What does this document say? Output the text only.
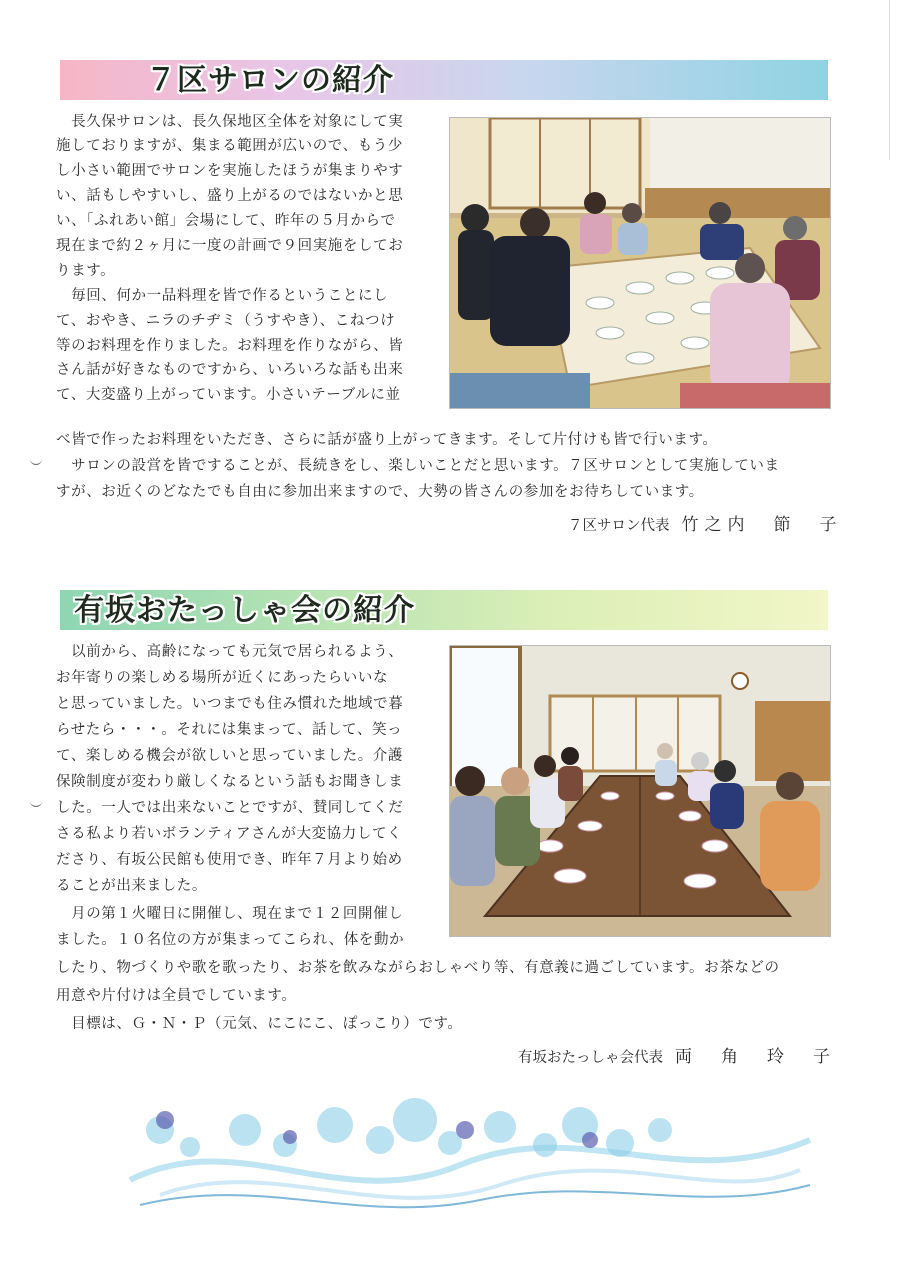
７区サロンの紹介
　長久保サロンは、長久保地区全体を対象にして実
施しておりますが、集まる範囲が広いので、もう少
し小さい範囲でサロンを実施したほうが集まりやす
い、話もしやすいし、盛り上がるのではないかと思
い、「ふれあい館」会場にして、昨年の５月からで
現在まで約２ヶ月に一度の計画で９回実施をしてお
ります。
　毎回、何か一品料理を皆で作るということにし
て、おやき、ニラのチヂミ（うすやき）、こねつけ
等のお料理を作りました。お料理を作りながら、皆
さん話が好きなものですから、いろいろな話も出来
て、大変盛り上がっています。小さいテーブルに並
べ皆で作ったお料理をいただき、さらに話が盛り上がってきます。そして片付けも皆で行います。
　サロンの設営を皆ですることが、長続きをし、楽しいことだと思います。７区サロンとして実施していま
すが、お近くのどなたでも自由に参加出来ますので、大勢の皆さんの参加をお待ちしています。
７区サロン代表 竹之内　節　子
有坂おたっしゃ会の紹介
　以前から、高齢になっても元気で居られるよう、
お年寄りの楽しめる場所が近くにあったらいいな
と思っていました。いつまでも住み慣れた地域で暮
らせたら・・・。それには集まって、話して、笑っ
て、楽しめる機会が欲しいと思っていました。介護
保険制度が変わり厳しくなるという話もお聞きしま
した。一人では出来ないことですが、賛同してくだ
さる私より若いボランティアさんが大変協力してく
ださり、有坂公民館も使用でき、昨年７月より始め
ることが出来ました。
　月の第１火曜日に開催し、現在まで１２回開催し
ました。１０名位の方が集まってこられ、体を動か
したり、物づくりや歌を歌ったり、お茶を飲みながらおしゃべり等、有意義に過ごしています。お茶などの
用意や片付けは全員でしています。
　目標は、Ｇ・Ｎ・Ｐ（元気、にこにこ、ぽっこり）です。
有坂おたっしゃ会代表 両　角　玲　子
